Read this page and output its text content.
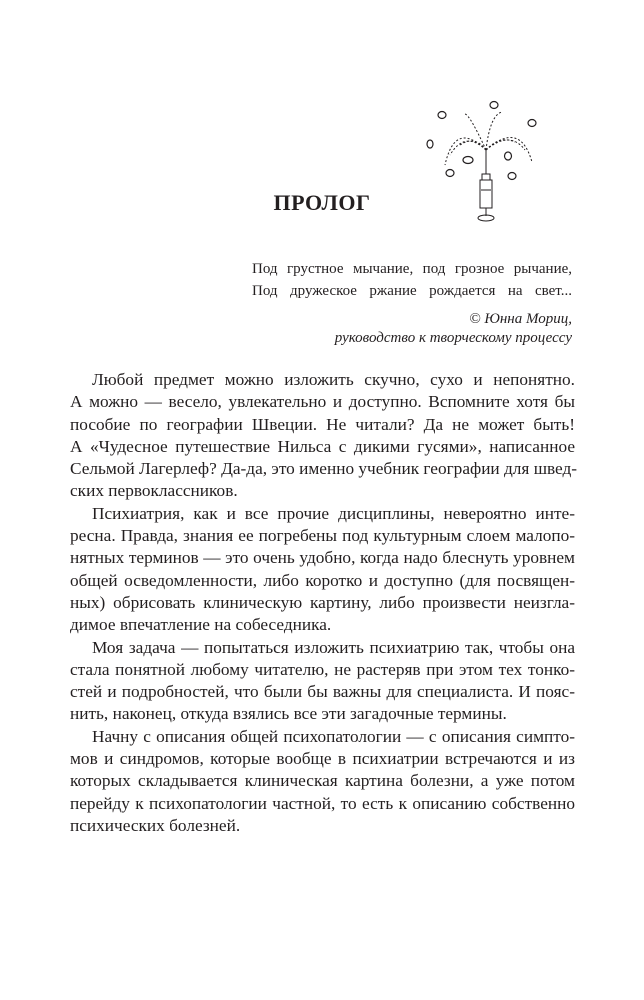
ПРОЛОГ
Под грустное мычание, под грозное рычание,
Под дружеское ржание рождается на свет...
© Юнна Мориц,
руководство к творческому процессу
Любой предмет можно изложить скучно, сухо и непонятно.
А можно — весело, увлекательно и доступно. Вспомните хотя бы
пособие по географии Швеции. Не читали? Да не может быть!
А «Чудесное путешествие Нильса с дикими гусями», написанное
Сельмой Лагерлеф? Да-да, это именно учебник географии для швед-
ских первоклассников.
Психиатрия, как и все прочие дисциплины, невероятно инте-
ресна. Правда, знания ее погребены под культурным слоем малопо-
нятных терминов — это очень удобно, когда надо блеснуть уровнем
общей осведомленности, либо коротко и доступно (для посвящен-
ных) обрисовать клиническую картину, либо произвести неизгла-
димое впечатление на собеседника.
Моя задача — попытаться изложить психиатрию так, чтобы она
стала понятной любому читателю, не растеряв при этом тех тонко-
стей и подробностей, что были бы важны для специалиста. И пояс-
нить, наконец, откуда взялись все эти загадочные термины.
Начну с описания общей психопатологии — с описания симпто-
мов и синдромов, которые вообще в психиатрии встречаются и из
которых складывается клиническая картина болезни, а уже потом
перейду к психопатологии частной, то есть к описанию собственно
психических болезней.
